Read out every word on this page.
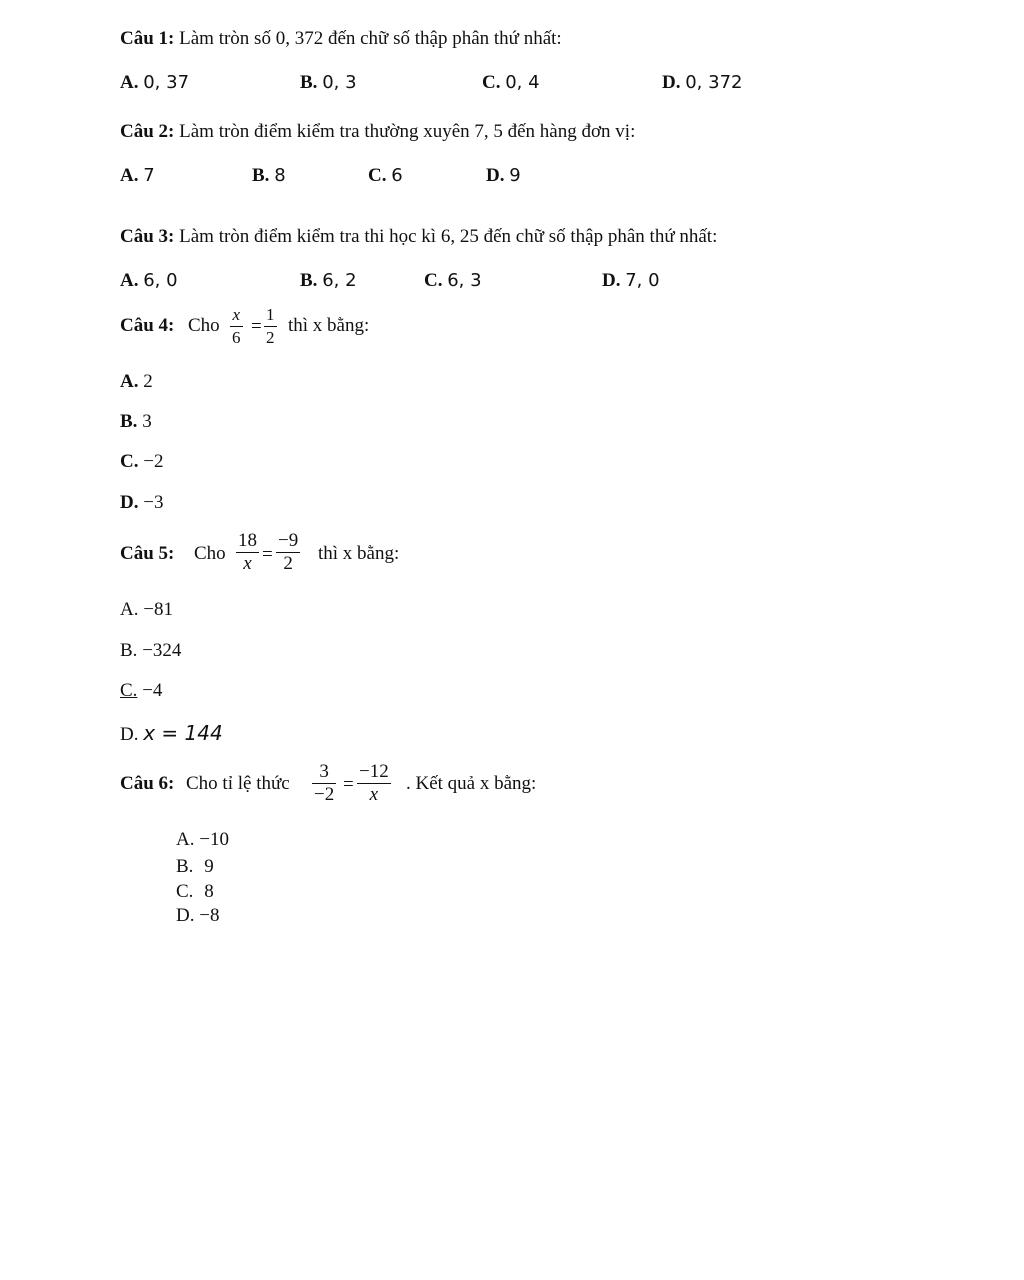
Câu 1: Làm tròn số 0, 372 đến chữ số thập phân thứ nhất:
A. 0, 37	B. 0, 3	C. 0, 4	D. 0, 372
Câu 2: Làm tròn điểm kiểm tra thường xuyên 7, 5 đến hàng đơn vị:
A. 7	B. 8	C. 6	D. 9
Câu 3: Làm tròn điểm kiểm tra thi học kì 6, 25 đến chữ số thập phân thứ nhất:
A. 6, 0	B. 6, 2	C. 6, 3	D. 7, 0
Câu 4: Cho $\frac{x}{6} = \frac{1}{2}$ thì x bằng:
A. 2
B. 3
C. −2
D. −3
Câu 5: Cho $\frac{18}{x} = \frac{-9}{2}$ thì x bằng:
A. −81
B. −324
C. −4
D. x = 144
Câu 6: Cho tỉ lệ thức $\frac{3}{-2} = \frac{-12}{x}$ . Kết quả x bằng:
A. −10
B. 9
C. 8
D. −8
